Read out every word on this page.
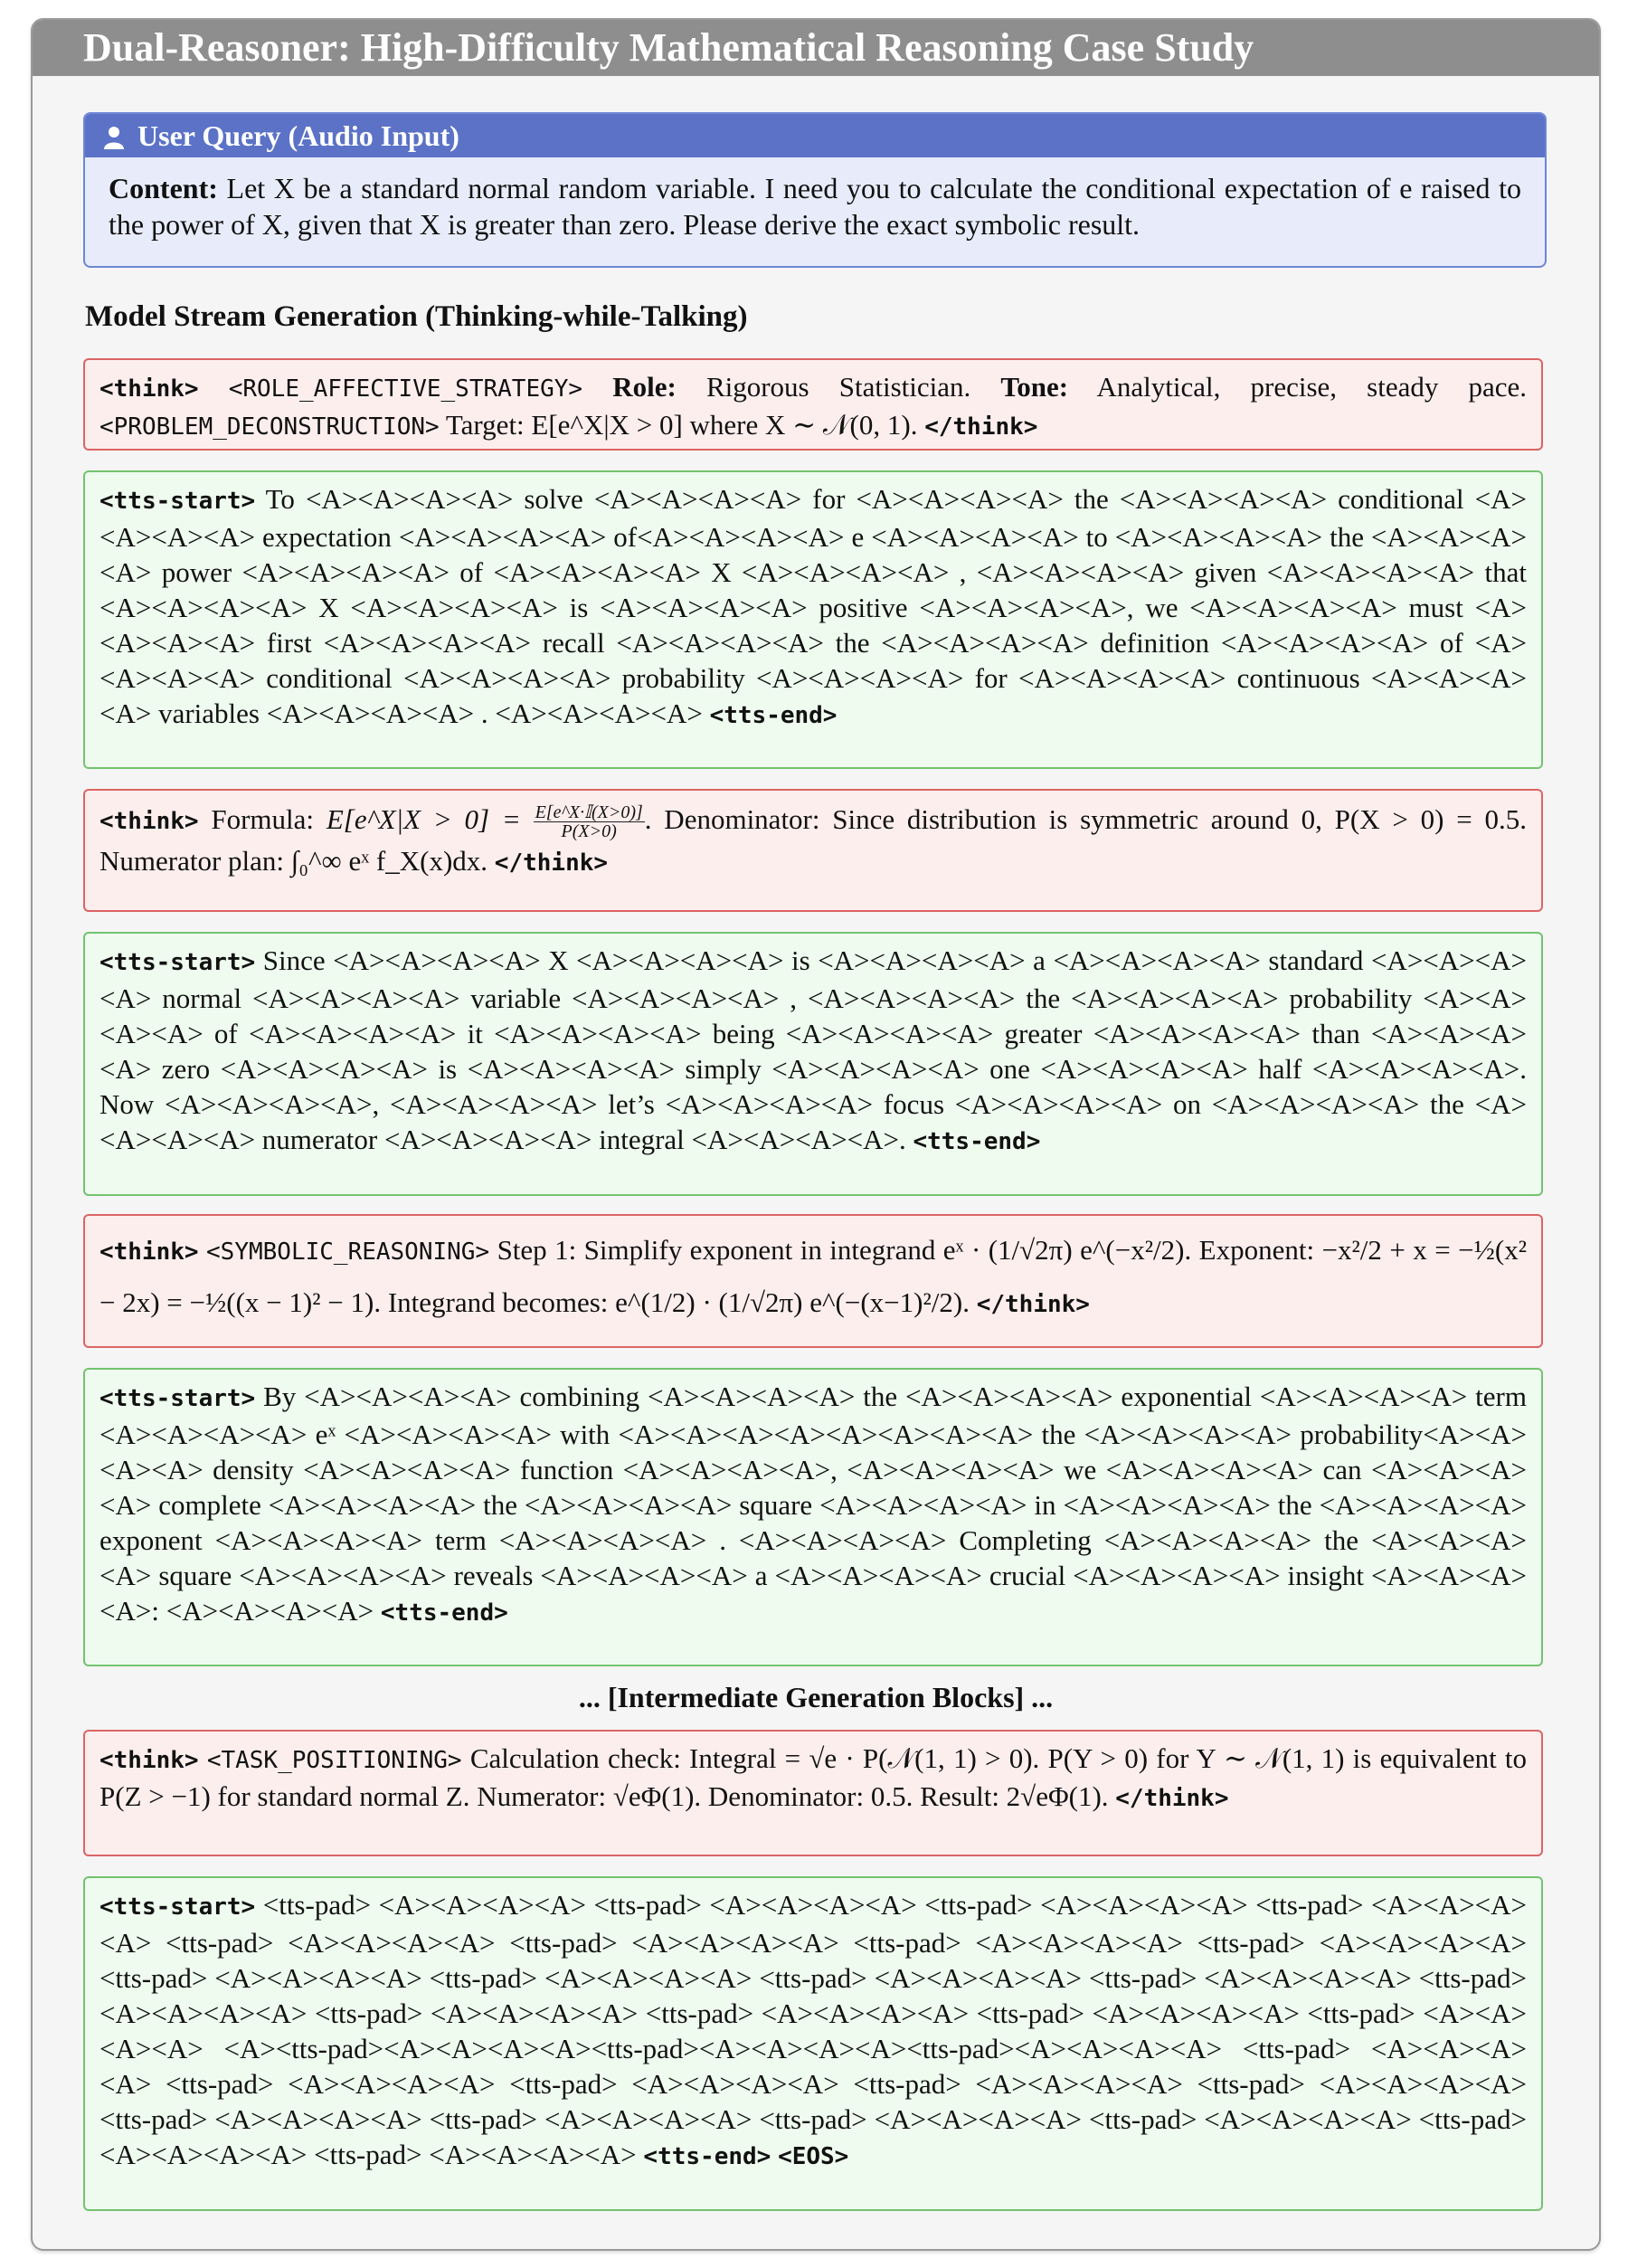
Dual-Reasoner: High-Difficulty Mathematical Reasoning Case Study
User Query (Audio Input)
Content: Let X be a standard normal random variable. I need you to calculate the conditional expectation of e raised to the power of X, given that X is greater than zero. Please derive the exact symbolic result.
Model Stream Generation (Thinking-while-Talking)
<think> <ROLE_AFFECTIVE_STRATEGY> Role: Rigorous Statistician. Tone: Analytical, precise, steady pace. <PROBLEM_DECONSTRUCTION> Target: E[e^X|X > 0] where X ∼ 𝒩(0, 1). </think>
<tts-start> To <A><A><A><A> solve <A><A><A><A> for <A><A><A><A> the <A><A><A><A> conditional <A><A><A><A> expectation <A><A><A><A> of<A><A><A><A> e <A><A><A><A> to <A><A><A><A> the <A><A><A><A> power <A><A><A><A> of <A><A><A><A> X <A><A><A><A> , <A><A><A><A> given <A><A><A><A> that <A><A><A><A> X <A><A><A><A> is <A><A><A><A> positive <A><A><A><A>, we <A><A><A><A> must <A><A><A><A> first <A><A><A><A> recall <A><A><A><A> the <A><A><A><A> definition <A><A><A><A> of <A><A><A><A> conditional <A><A><A><A> probability <A><A><A><A> for <A><A><A><A> continuous <A><A><A><A> variables <A><A><A><A> . <A><A><A><A> <tts-end>
<think> Formula: E[e^X|X > $0] = \frac{\text{E[e\textasciicircum{}X·𝕀(X>0)]}}{P(X>0)}$ . Denominator: Since distribution is symmetric around 0, P(X > 0) = 0.5. Numerator plan: ∫₀^∞ eˣ f_X(x)dx. </think>
<tts-start> Since <A><A><A><A> X <A><A><A><A> is <A><A><A><A> a <A><A><A><A> standard <A><A><A><A> normal <A><A><A><A> variable <A><A><A><A> , <A><A><A><A> the <A><A><A><A> probability <A><A><A><A> of <A><A><A><A> it <A><A><A><A> being <A><A><A><A> greater <A><A><A><A> than <A><A><A><A> zero <A><A><A><A> is <A><A><A><A> simply <A><A><A><A> one <A><A><A><A> half <A><A><A><A>. Now <A><A><A><A>, <A><A><A><A> let’s <A><A><A><A> focus <A><A><A><A> on <A><A><A><A> the <A><A><A><A> numerator <A><A><A><A> integral <A><A><A><A>. <tts-end>
<think> <SYMBOLIC_REASONING> Step 1: Simplify exponent in integrand eˣ · (1/√2π) e^(−x²/2). Exponent: −x²/2 + x = −½(x² − 2x) = −½((x − 1)² − 1). Integrand becomes: e^(1/2) · (1/√2π) e^(−(x−1)²/2). </think>
<tts-start> By <A><A><A><A> combining <A><A><A><A> the <A><A><A><A> exponential <A><A><A><A> term <A><A><A><A> eˣ <A><A><A><A> with <A><A><A><A><A><A><A><A> the <A><A><A><A> probability<A><A><A><A> density <A><A><A><A> function <A><A><A><A>, <A><A><A><A> we <A><A><A><A> can <A><A><A><A> complete <A><A><A><A> the <A><A><A><A> square <A><A><A><A> in <A><A><A><A> the <A><A><A><A> exponent <A><A><A><A> term <A><A><A><A> . <A><A><A><A> Completing <A><A><A><A> the <A><A><A><A> square <A><A><A><A> reveals <A><A><A><A> a <A><A><A><A> crucial <A><A><A><A> insight <A><A><A><A>: <A><A><A><A> <tts-end>
... [Intermediate Generation Blocks] ...
<think> <TASK_POSITIONING> Calculation check: Integral = √e · P(𝒩(1, 1) > 0). P(Y > 0) for Y ∼ 𝒩(1, 1) is equivalent to P(Z > −1) for standard normal Z. Numerator: √eΦ(1). Denominator: 0.5. Result: 2√eΦ(1). </think>
<tts-start> <tts-pad> <A><A><A><A> <tts-pad> <A><A><A><A> <tts-pad> <A><A><A><A> <tts-pad> <A><A><A><A> <tts-pad> <A><A><A><A> <tts-pad> <A><A><A><A> <tts-pad> <A><A><A><A> <tts-pad> <A><A><A><A> <tts-pad> <A><A><A><A> <tts-pad> <A><A><A><A> <tts-pad> <A><A><A><A> <tts-pad> <A><A><A><A> <tts-pad> <A><A><A><A> <tts-pad> <A><A><A><A> <tts-pad> <A><A><A><A> <tts-pad> <A><A><A><A> <tts-pad> <A><A><A><A> <A><tts-pad><A><A><A><A><tts-pad><A><A><A><A><tts-pad><A><A><A><A> <tts-pad> <A><A><A><A> <tts-pad> <A><A><A><A> <tts-pad> <A><A><A><A> <tts-pad> <A><A><A><A> <tts-pad> <A><A><A><A> <tts-pad> <A><A><A><A> <tts-pad> <A><A><A><A> <tts-pad> <A><A><A><A> <tts-pad> <A><A><A><A> <tts-pad> <A><A><A><A> <tts-pad> <A><A><A><A> <tts-end> <EOS>
